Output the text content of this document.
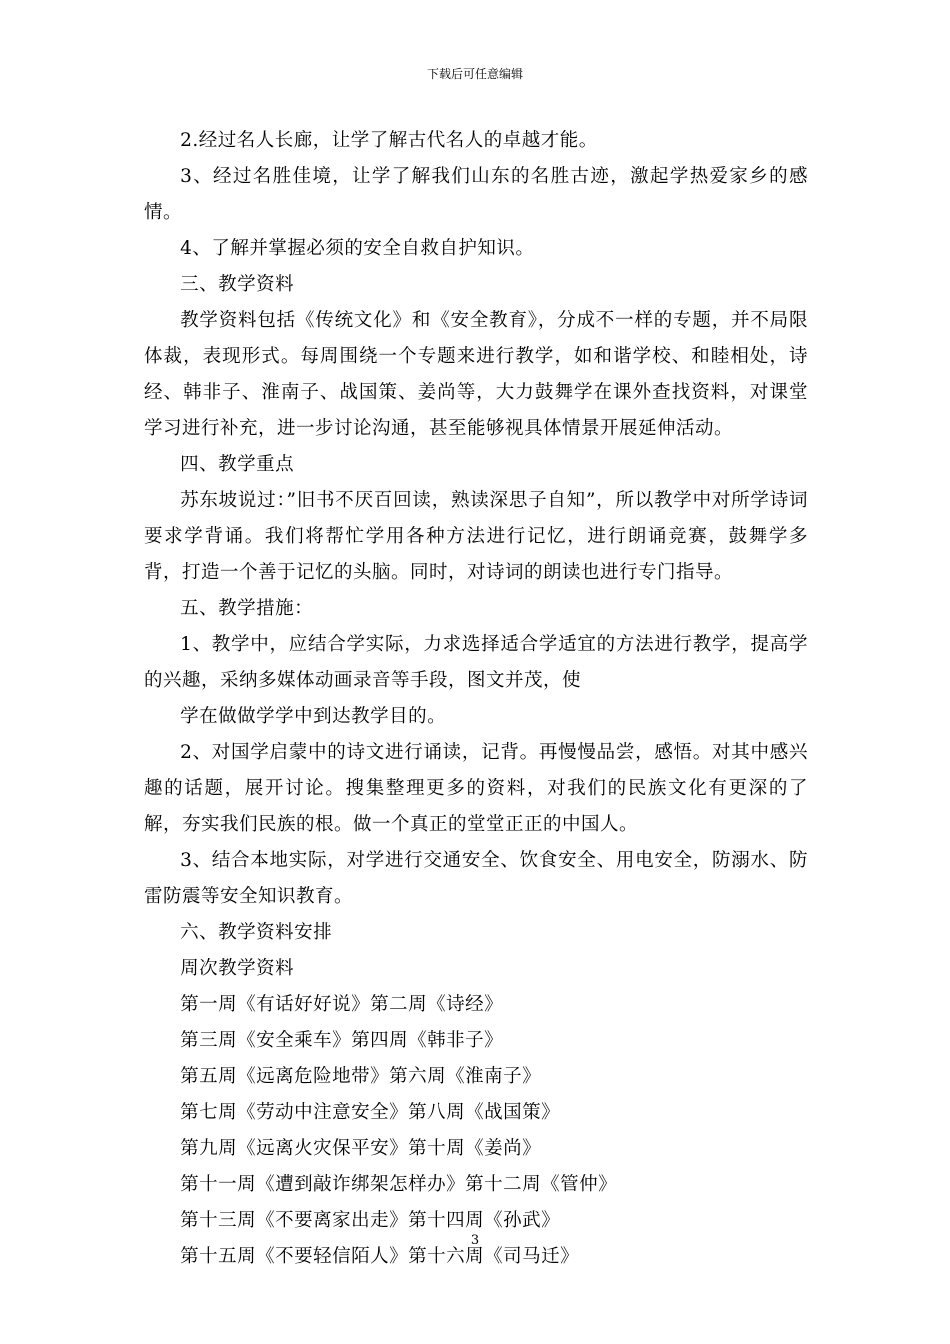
下载后可任意编辑

2.经过名人长廊，让学了解古代名人的卓越才能。

3、经过名胜佳境，让学了解我们山东的名胜古迹，激起学热爱家乡的感情。

4、了解并掌握必须的安全自救自护知识。

三、教学资料

教学资料包括《传统文化》和《安全教育》，分成不一样的专题，并不局限体裁，表现形式。每周围绕一个专题来进行教学，如和谐学校、和睦相处，诗经、韩非子、淮南子、战国策、姜尚等，大力鼓舞学在课外查找资料，对课堂学习进行补充，进一步讨论沟通，甚至能够视具体情景开展延伸活动。

四、教学重点

苏东坡说过：”旧书不厌百回读，熟读深思子自知”，所以教学中对所学诗词要求学背诵。我们将帮忙学用各种方法进行记忆，进行朗诵竞赛，鼓舞学多背，打造一个善于记忆的头脑。同时，对诗词的朗读也进行专门指导。

五、教学措施：

1、教学中，应结合学实际，力求选择适合学适宜的方法进行教学，提高学的兴趣，采纳多媒体动画录音等手段，图文并茂，使

学在做做学学中到达教学目的。

2、对国学启蒙中的诗文进行诵读，记背。再慢慢品尝，感悟。对其中感兴趣的话题，展开讨论。搜集整理更多的资料，对我们的民族文化有更深的了解，夯实我们民族的根。做一个真正的堂堂正正的中国人。

3、结合本地实际，对学进行交通安全、饮食安全、用电安全，防溺水、防雷防震等安全知识教育。

六、教学资料安排

周次教学资料

第一周《有话好好说》第二周《诗经》

第三周《安全乘车》第四周《韩非子》

第五周《远离危险地带》第六周《淮南子》

第七周《劳动中注意安全》第八周《战国策》

第九周《远离火灾保平安》第十周《姜尚》

第十一周《遭到敲诈绑架怎样办》第十二周《管仲》

第十三周《不要离家出走》第十四周《孙武》

第十五周《不要轻信陌人》第十六周《司马迁》

3
